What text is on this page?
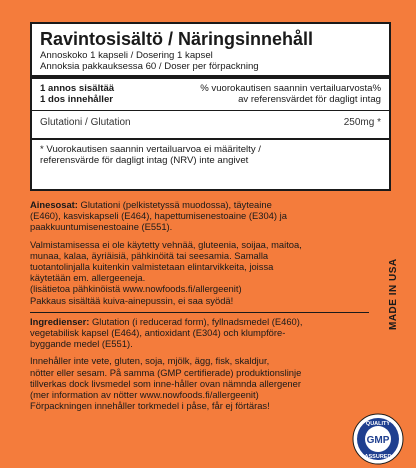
Ravintosisältö / Näringsinnehåll
Annoskoko 1 kapseli / Dosering 1 kapsel
Annoksia pakkauksessa 60 / Doser per förpackning
1 annos sisältää
1 dos innehåller
% vuorokautisen saannin vertailuarvosta%
av referensvärdet för dagligt intag
Glutationi / Glutation	250mg *
* Vuorokautisen saannin vertailuarvoa ei määritelty /
referensvärde för dagligt intag (NRV) inte angivet
Ainesosat: Glutationi (pelkistetyssä muodossa), täyteaine
(E460), kasviskapseli (E464), hapettumisenestoaine (E304) ja
paakkuuntumisenestoaine (E551).
Valmistamisessa ei ole käytetty vehnää, gluteenia, soijaa, maitoa,
munaa, kalaa, äyriäisiä, pähkinöitä tai seesamia. Samalla
tuotantolinjalla kuitenkin valmistetaan elintarvikkeita, joissa
käytetään em. allergeeneja.
(lisätietoa pähkinöistä www.nowfoods.fi/allergeenit)
Pakkaus sisältää kuiva-ainepussin, ei saa syödä!
Ingredienser: Glutation (i reducerad form), fyllnadsmedel (E460),
vegetabilisk kapsel (E464), antioxidant (E304) och klumpföre-
byggande medel (E551).
Innehåller inte vete, gluten, soja, mjölk, ägg, fisk, skaldjur,
nötter eller sesam. På samma (GMP certifierade) produktionslinje
tillverkas dock livsmedel som inne-håller ovan nämnda allergener
(mer information av nötter www.nowfoods.fi/allergeenit)
Förpackningen innehåller torkmedel i påse, får ej förtäras!
MADE IN USA
QUALITY
GMP
ASSURED
